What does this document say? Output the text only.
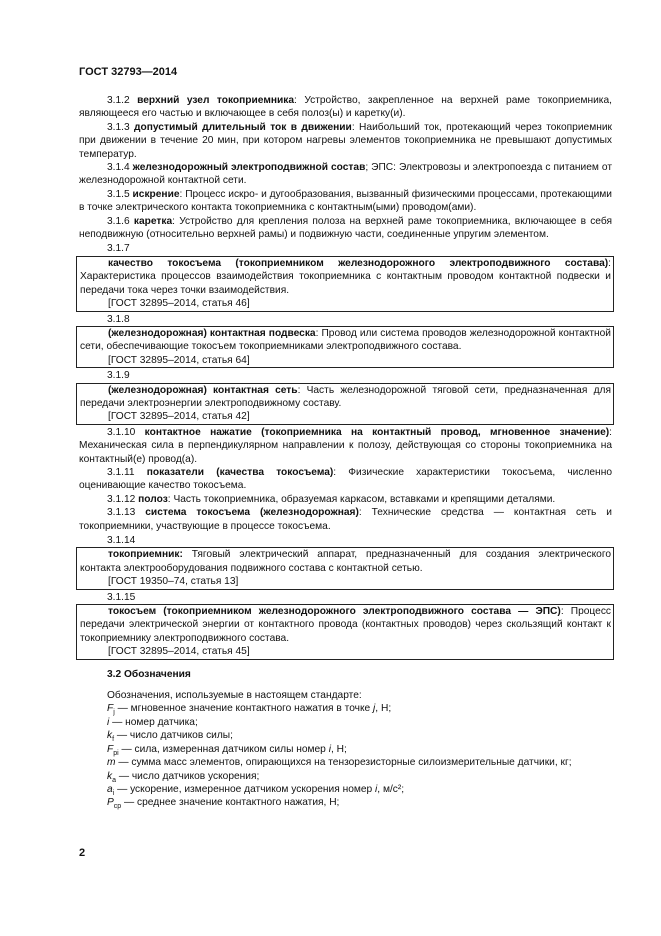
ГОСТ 32793—2014

3.1.2 верхний узел токоприемника: Устройство, закрепленное на верхней раме токоприемника, являющееся его частью и включающее в себя полоз(ы) и каретку(и).

3.1.3 допустимый длительный ток в движении: Наибольший ток, протекающий через токоприемник при движении в течение 20 мин, при котором нагревы элементов токоприемника не превышают допустимых температур.

3.1.4 железнодорожный электроподвижной состав; ЭПС: Электровозы и электропоезда с питанием от железнодорожной контактной сети.

3.1.5 искрение: Процесс искро- и дугообразования, вызванный физическими процессами, протекающими в точке электрического контакта токоприемника с контактным(ыми) проводом(ами).

3.1.6 каретка: Устройство для крепления полоза на верхней раме токоприемника, включающее в себя неподвижную (относительно верхней рамы) и подвижную части, соединенные упругим элементом.

3.1.7

качество токосъема (токоприемником железнодорожного электроподвижного состава): Характеристика процессов взаимодействия токоприемника с контактным проводом контактной подвески и передачи тока через точки взаимодействия.

[ГОСТ 32895–2014, статья 46]

3.1.8

(железнодорожная) контактная подвеска: Провод или система проводов железнодорожной контактной сети, обеспечивающие токосъем токоприемниками электроподвижного состава.

[ГОСТ 32895–2014, статья 64]

3.1.9

(железнодорожная) контактная сеть: Часть железнодорожной тяговой сети, предназначенная для передачи электроэнергии электроподвижному составу.

[ГОСТ 32895–2014, статья 42]

3.1.10 контактное нажатие (токоприемника на контактный провод, мгновенное значение): Механическая сила в перпендикулярном направлении к полозу, действующая со стороны токоприемника на контактный(е) провод(а).

3.1.11 показатели (качества токосъема): Физические характеристики токосъема, численно оценивающие качество токосъема.

3.1.12 полоз: Часть токоприемника, образуемая каркасом, вставками и крепящими деталями.

3.1.13 система токосъема (железнодорожная): Технические средства — контактная сеть и токоприемники, участвующие в процессе токосъема.

3.1.14

токоприемник: Тяговый электрический аппарат, предназначенный для создания электрического контакта электрооборудования подвижного состава с контактной сетью.

[ГОСТ 19350–74, статья 13]

3.1.15

токосъем (токоприемником железнодорожного электроподвижного состава — ЭПС): Процесс передачи электрической энергии от контактного провода (контактных проводов) через скользящий контакт к токоприемнику электроподвижного состава.

[ГОСТ 32895–2014, статья 45]

3.2 Обозначения

Обозначения, используемые в настоящем стандарте:

$F_j$ — мгновенное значение контактного нажатия в точке j, Н;

i — номер датчика;

$k_f$ — число датчиков силы;

$F_{pi}$ — сила, измеренная датчиком силы номер i, Н;

m — сумма масс элементов, опирающихся на тензорезисторные силоизмерительные датчики, кг;

$k_a$ — число датчиков ускорения;

$a_i$ — ускорение, измеренное датчиком ускорения номер i, м/с²;

$P_{ср}$ — среднее значение контактного нажатия, Н;

2
